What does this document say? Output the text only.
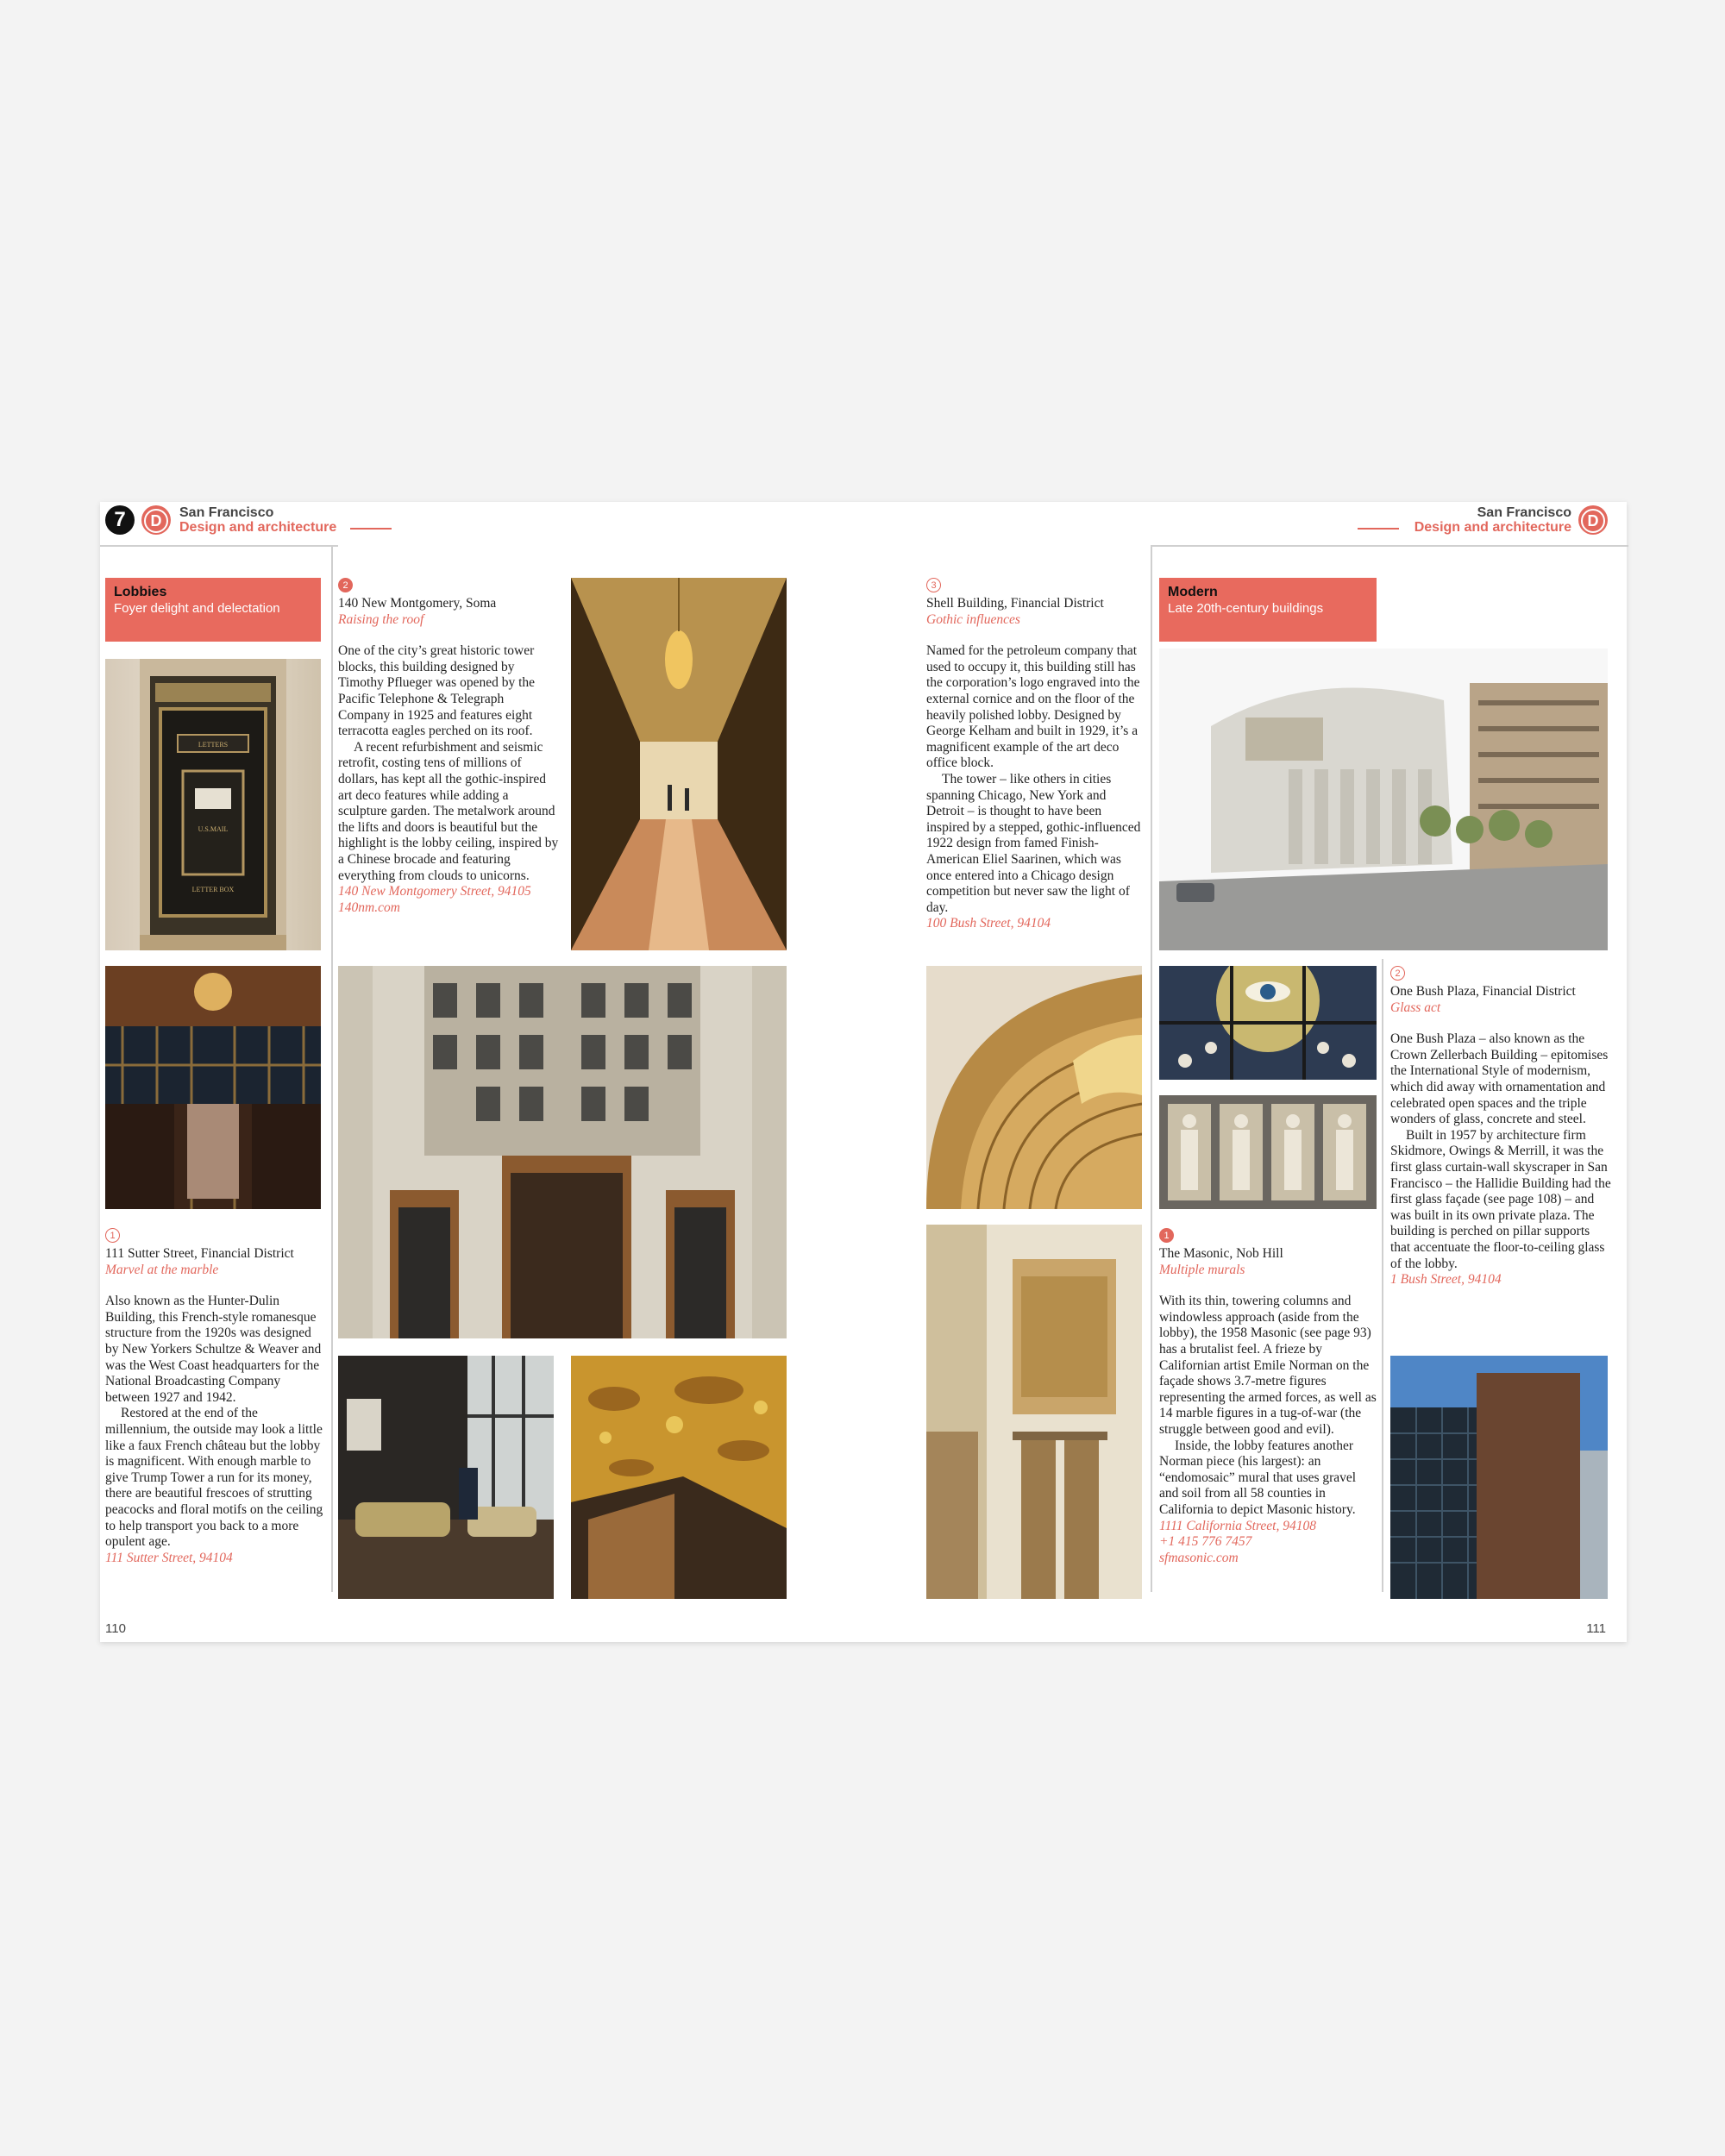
7	D	San Francisco
Design and architecture
San Francisco
Design and architecture	D
Lobbies
Foyer delight and delectation
LETTERS
U.S.MAIL
LETTER BOX
1
111 Sutter Street, Financial District
Marvel at the marble

Also known as the Hunter-Dulin Building, this French-style romanesque structure from the 1920s was designed by New Yorkers Schultze & Weaver and was the West Coast headquarters for the National Broadcasting Company between 1927 and 1942.

Restored at the end of the millennium, the outside may look a little like a faux French château but the lobby is magnificent. With enough marble to give Trump Tower a run for its money, there are beautiful frescoes of strutting peacocks and floral motifs on the ceiling to help transport you back to a more opulent age.

111 Sutter Street, 94104
2
140 New Montgomery, Soma
Raising the roof

One of the city’s great historic tower blocks, this building designed by Timothy Pflueger was opened by the Pacific Telephone & Telegraph Company in 1925 and features eight terracotta eagles perched on its roof.

A recent refurbishment and seismic retrofit, costing tens of millions of dollars, has kept all the gothic-inspired art deco features while adding a sculpture garden. The metalwork around the lifts and doors is beautiful but the highlight is the lobby ceiling, inspired by a Chinese brocade and featuring everything from clouds to unicorns.

140 New Montgomery Street, 94105
140nm.com
110
3
Shell Building, Financial District
Gothic influences

Named for the petroleum company that used to occupy it, this building still has the corporation’s logo engraved into the external cornice and on the floor of the heavily polished lobby. Designed by George Kelham and built in 1929, it’s a magnificent example of the art deco office block.

The tower – like others in cities spanning Chicago, New York and Detroit – is thought to have been inspired by a stepped, gothic-influenced 1922 design from famed Finish-American Eliel Saarinen, which was once entered into a Chicago design competition but never saw the light of day.

100 Bush Street, 94104
Modern
Late 20th-century buildings
1
The Masonic, Nob Hill
Multiple murals

With its thin, towering columns and windowless approach (aside from the lobby), the 1958 Masonic (see page 93) has a brutalist feel. A frieze by Californian artist Emile Norman on the façade shows 3.7-metre figures representing the armed forces, as well as 14 marble figures in a tug-of-war (the struggle between good and evil).

Inside, the lobby features another Norman piece (his largest): an “endomosaic” mural that uses gravel and soil from all 58 counties in California to depict Masonic history.

1111 California Street, 94108
+1 415 776 7457
sfmasonic.com
2
One Bush Plaza, Financial District
Glass act

One Bush Plaza – also known as the Crown Zellerbach Building – epitomises the International Style of modernism, which did away with ornamentation and celebrated open spaces and the triple wonders of glass, concrete and steel.

Built in 1957 by architecture firm Skidmore, Owings & Merrill, it was the first glass curtain-wall skyscraper in San Francisco – the Hallidie Building had the first glass façade (see page 108) – and was built in its own private plaza. The building is perched on pillar supports that accentuate the floor-to-ceiling glass of the lobby.

1 Bush Street, 94104
111
